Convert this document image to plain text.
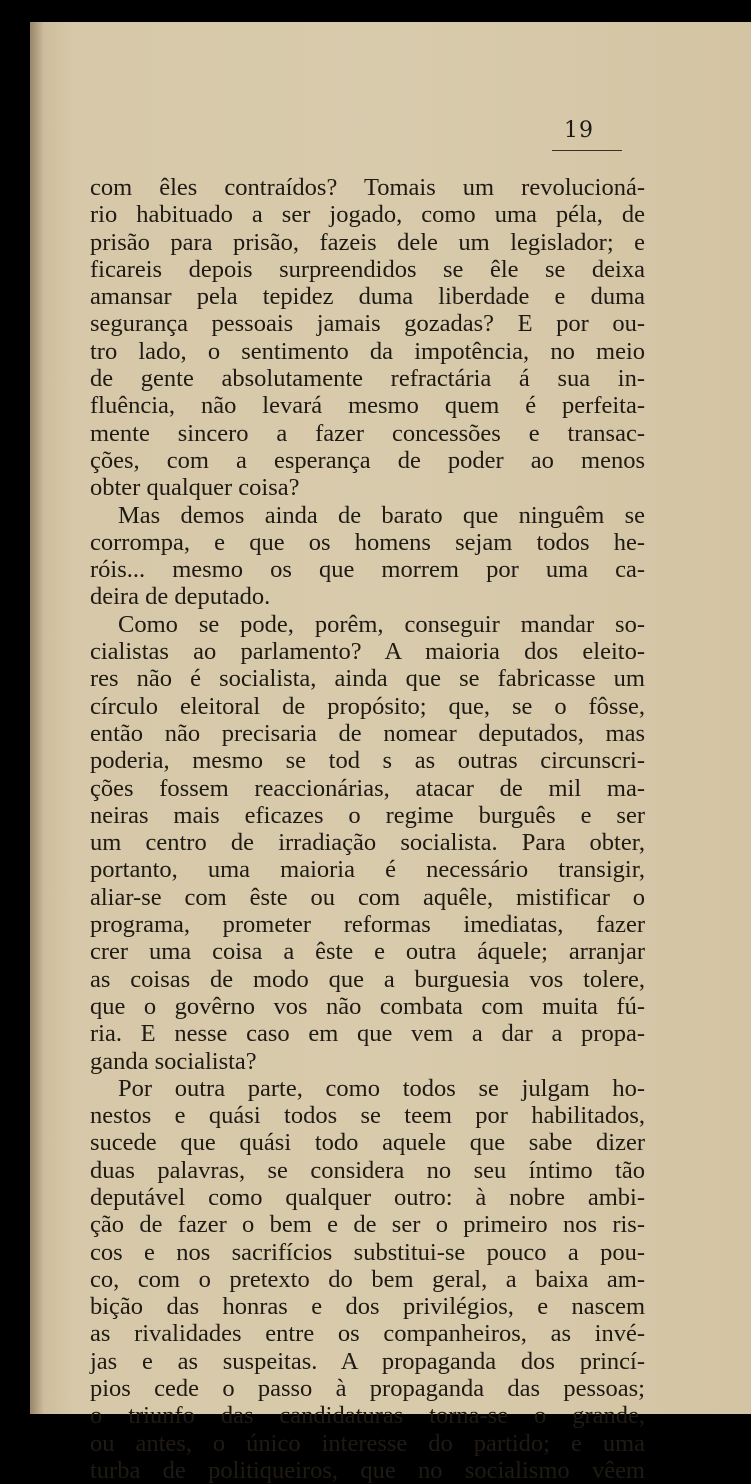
19
com êles contraídos? Tomais um revolucioná-
rio habituado a ser jogado, como uma péla, de
prisão para prisão, fazeis dele um legislador; e
ficareis depois surpreendidos se êle se deixa
amansar pela tepidez duma liberdade e duma
segurança pessoais jamais gozadas? E por ou-
tro lado, o sentimento da impotência, no meio
de gente absolutamente refractária á sua in-
fluência, não levará mesmo quem é perfeita-
mente sincero a fazer concessões e transac-
ções, com a esperança de poder ao menos
obter qualquer coisa?
Mas demos ainda de barato que ninguêm se
corrompa, e que os homens sejam todos he-
róis... mesmo os que morrem por uma ca-
deira de deputado.
Como se pode, porêm, conseguir mandar so-
cialistas ao parlamento? A maioria dos eleito-
res não é socialista, ainda que se fabricasse um
círculo eleitoral de propósito; que, se o fôsse,
então não precisaria de nomear deputados, mas
poderia, mesmo se tod s as outras circunscri-
ções fossem reaccionárias, atacar de mil ma-
neiras mais eficazes o regime burguês e ser
um centro de irradiação socialista. Para obter,
portanto, uma maioria é necessário transigir,
aliar-se com êste ou com aquêle, mistificar o
programa, prometer reformas imediatas, fazer
crer uma coisa a êste e outra áquele; arranjar
as coisas de modo que a burguesia vos tolere,
que o govêrno vos não combata com muita fú-
ria. E nesse caso em que vem a dar a propa-
ganda socialista?
Por outra parte, como todos se julgam ho-
nestos e quási todos se teem por habilitados,
sucede que quási todo aquele que sabe dizer
duas palavras, se considera no seu íntimo tão
deputável como qualquer outro: à nobre ambi-
ção de fazer o bem e de ser o primeiro nos ris-
cos e nos sacrifícios substitui-se pouco a pou-
co, com o pretexto do bem geral, a baixa am-
bição das honras e dos privilégios, e nascem
as rivalidades entre os companheiros, as invé-
jas e as suspeitas. A propaganda dos princí-
pios cede o passo à propaganda das pessoas;
o triunfo das candidaturas torna-se o grande,
ou antes, o único interesse do partido; e uma
turba de politiqueiros, que no socialismo vêem
